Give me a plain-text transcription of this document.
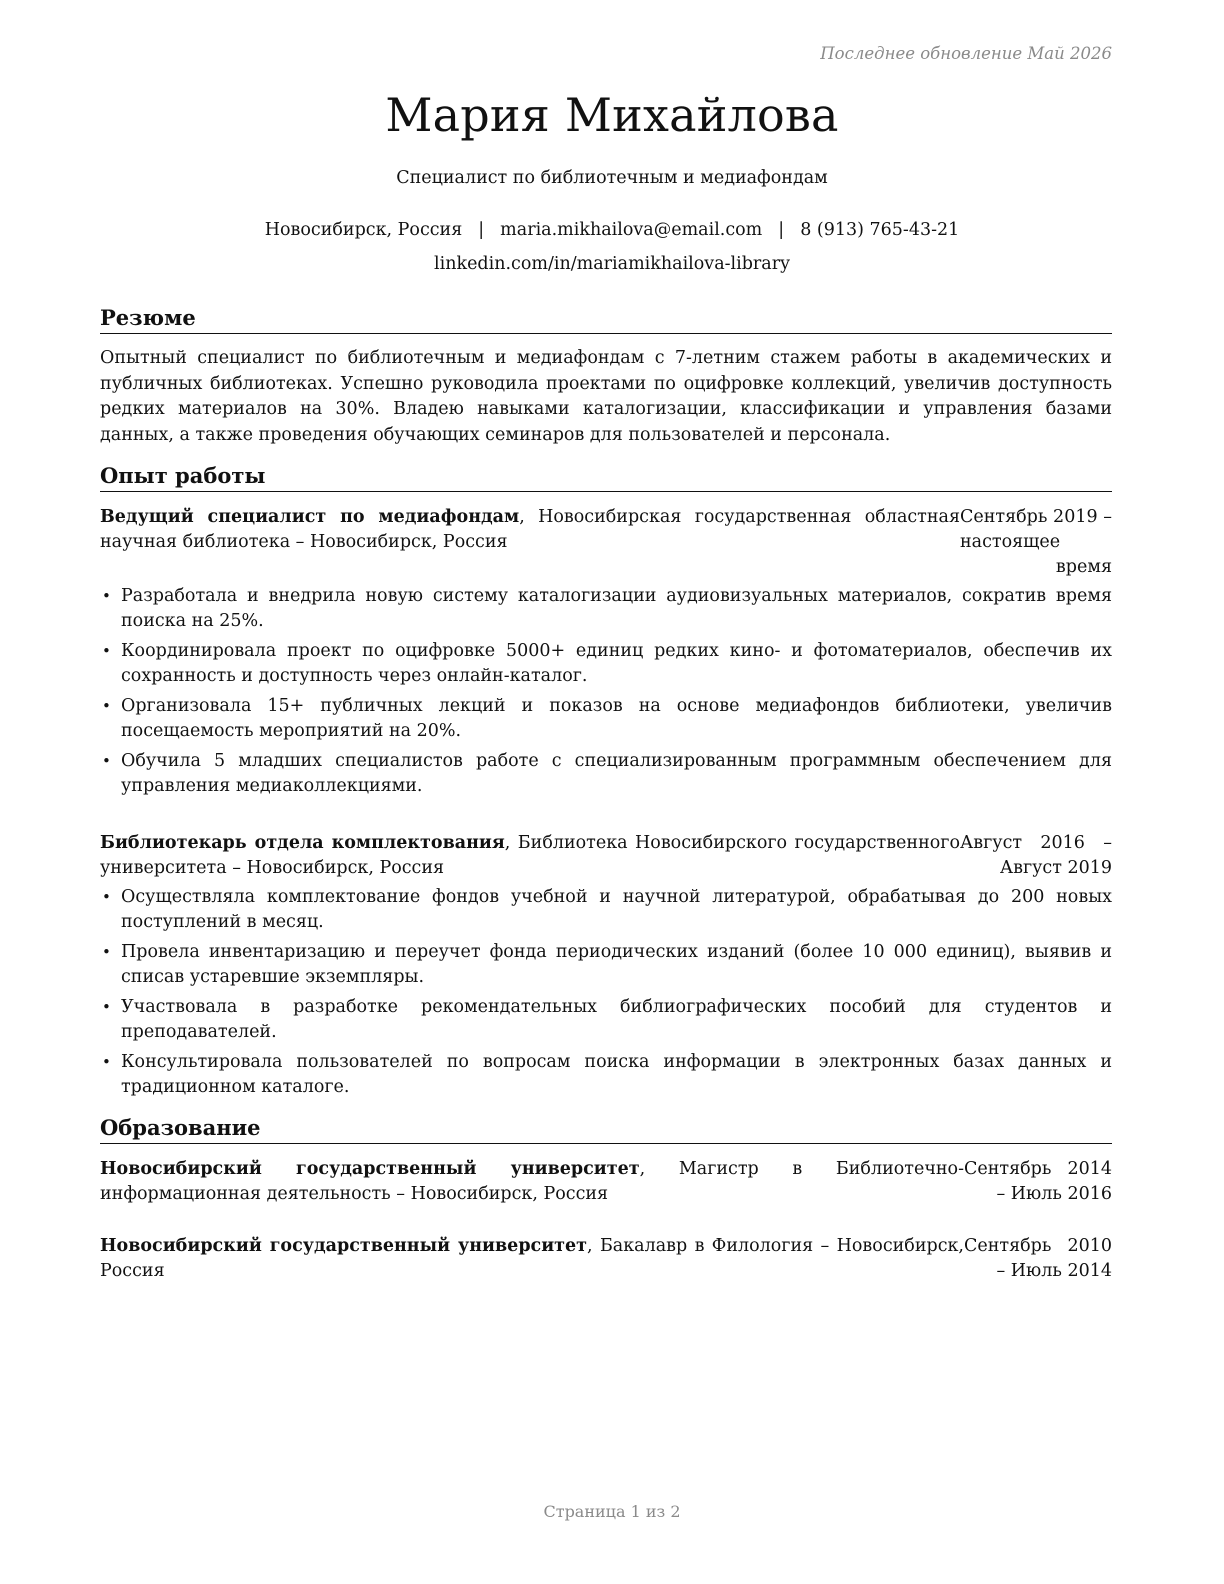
Последнее обновление Май 2026
Мария Михайлова
Специалист по библиотечным и медиафондам
Новосибирск, Россия | maria.mikhailova@email.com | 8 (913) 765-43-21
linkedin.com/in/mariamikhailova-library
Резюме

Опытный специалист по библиотечным и медиафондам с 7-летним стажем работы в академических и публичных библиотеках. Успешно руководила проектами по оцифровке коллекций, увеличив доступность редких материалов на 30%. Владею навыками каталогизации, классификации и управления базами данных, а также проведения обучающих семинаров для пользователей и персонала.

Опыт работы
Ведущий специалист по медиафондам, Новосибирская государственная областная научная библиотека – Новосибирск, Россия
Сентябрь 2019 – настоящее время
• Разработала и внедрила новую систему каталогизации аудиовизуальных материалов, сократив время поиска на 25%.
• Координировала проект по оцифровке 5000+ единиц редких кино- и фотоматериалов, обеспечив их сохранность и доступность через онлайн-каталог.
• Организовала 15+ публичных лекций и показов на основе медиафондов библиотеки, увеличив посещаемость мероприятий на 20%.
• Обучила 5 младших специалистов работе с специализированным программным обеспечением для управления медиаколлекциями.
Библиотекарь отдела комплектования, Библиотека Новосибирского государственного университета – Новосибирск, Россия
Август 2016 – Август 2019
• Осуществляла комплектование фондов учебной и научной литературой, обрабатывая до 200 новых поступлений в месяц.
• Провела инвентаризацию и переучет фонда периодических изданий (более 10 000 единиц), выявив и списав устаревшие экземпляры.
• Участвовала в разработке рекомендательных библиографических пособий для студентов и преподавателей.
• Консультировала пользователей по вопросам поиска информации в электронных базах данных и традиционном каталоге.
Образование
Новосибирский государственный университет, Магистр в Библиотечно-информационная деятельность – Новосибирск, Россия
Сентябрь 2014 – Июль 2016
Новосибирский государственный университет, Бакалавр в Филология – Новосибирск, Россия
Сентябрь 2010 – Июль 2014
Страница 1 из 2
